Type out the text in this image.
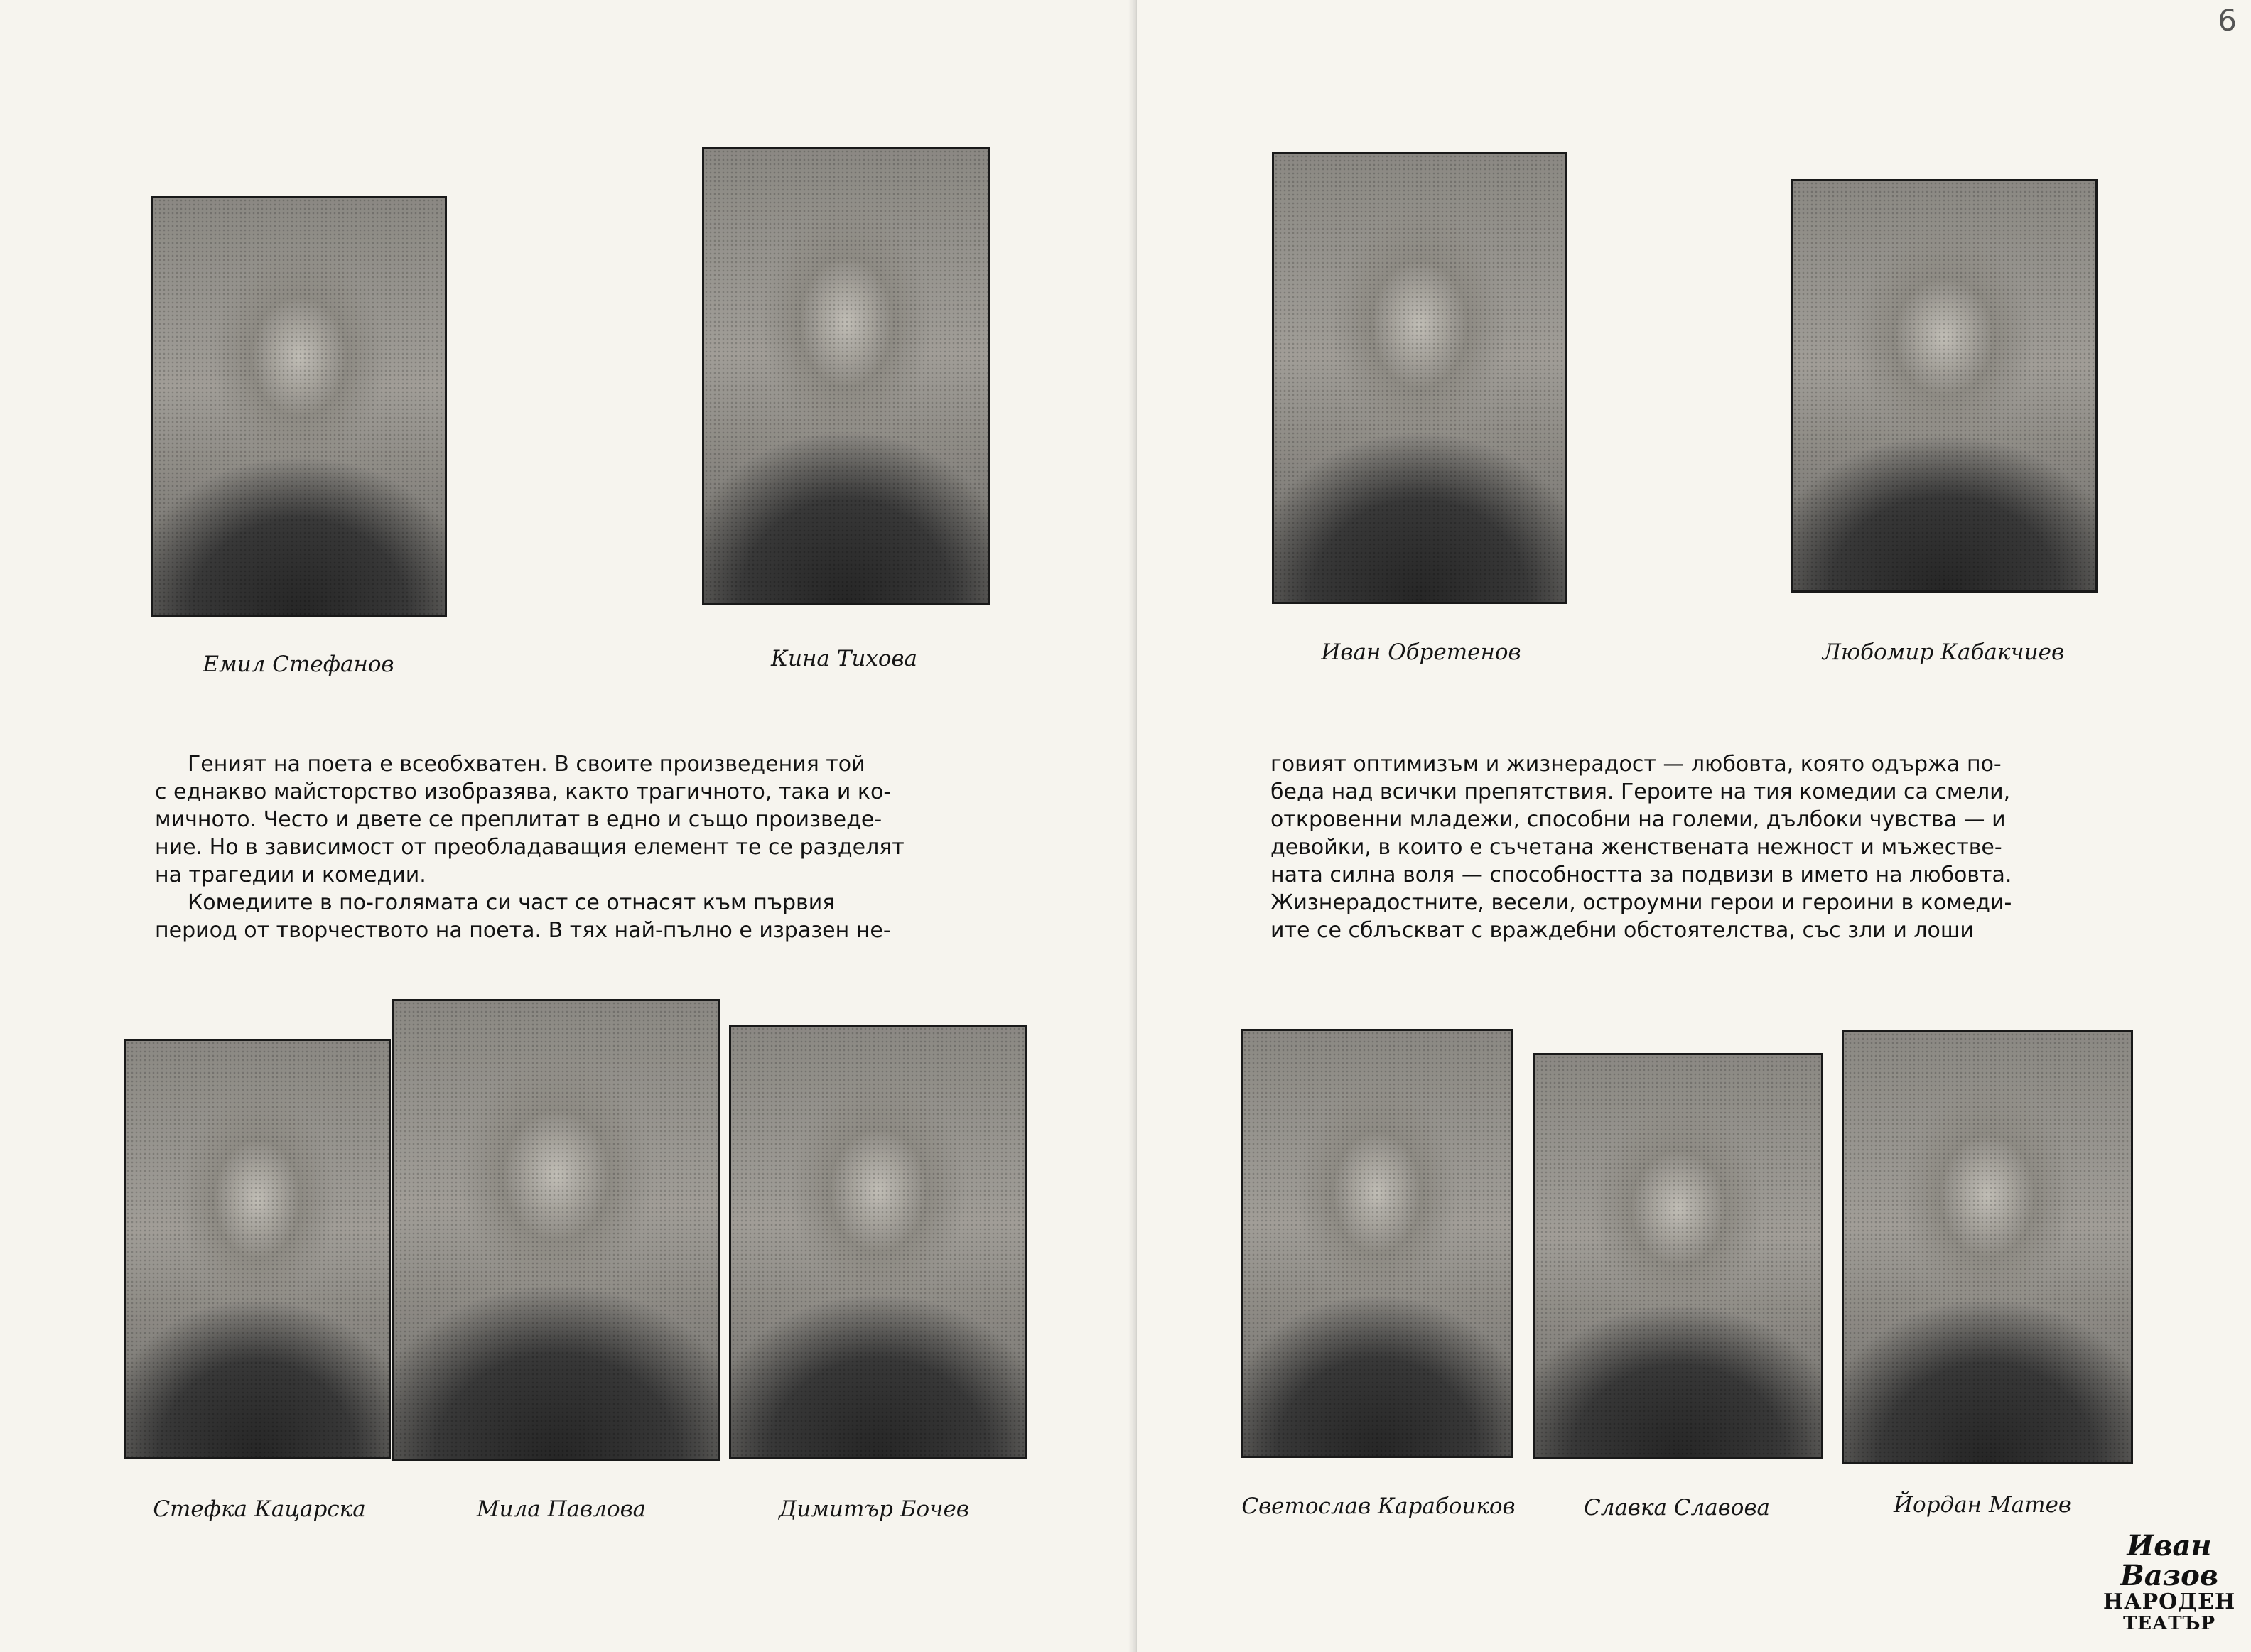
Емил Стефанов	Кина Тихова
Гeният на поета е всеобхватен. В своите произведения той
с еднакво майсторство изобразява, както трагичното, така и ко-
мичното. Често и двете се преплитат в едно и също произведе-
ние. Но в зависимост от преобладаващия елемент те се разделят
на трагедии и комедии.
Комедиите в по-голямата си част се отнасят към първия
период от творчеството на поета. В тях най-пълно е изразен не-
Стефка Кацарска	Мила Павлова	Димитър Бочев
6
Иван Обретенов	Любомир Кабакчиев
говият оптимизъм и жизнерадост — любовта, която одържа по-
беда над всички препятствия. Героите на тия комедии са смели,
откровенни младежи, способни на големи, дълбоки чувства — и
девойки, в които е съчетана женствената нежност и мъжестве-
ната силна воля — способността за подвизи в името на любовта.
Жизнерадостните, весели, остроумни герои и героини в комеди-
ите се сблъскват с враждебни обстоятелства, със зли и лоши
Светослав Карабоиков	Славка Славова	Йордан Матев
Иван Вазов
НАРОДЕН
ТЕАТЪР
